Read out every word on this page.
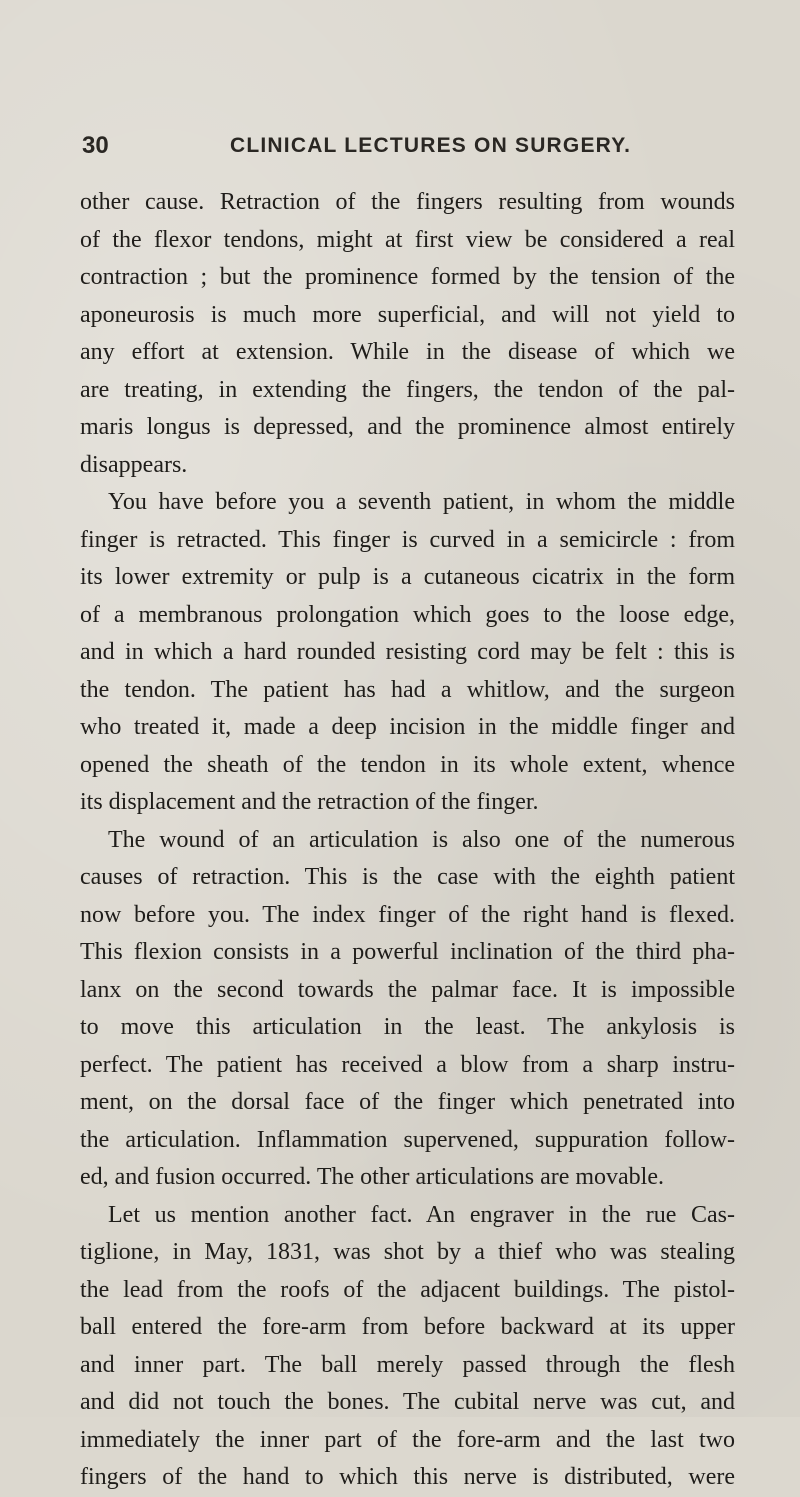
30	CLINICAL LECTURES ON SURGERY.
other cause. Retraction of the fingers resulting from wounds
of the flexor tendons, might at first view be considered a real
contraction ; but the prominence formed by the tension of the
aponeurosis is much more superficial, and will not yield to
any effort at extension. While in the disease of which we
are treating, in extending the fingers, the tendon of the pal-
maris longus is depressed, and the prominence almost entirely
disappears.
You have before you a seventh patient, in whom the middle
finger is retracted. This finger is curved in a semicircle : from
its lower extremity or pulp is a cutaneous cicatrix in the form
of a membranous prolongation which goes to the loose edge,
and in which a hard rounded resisting cord may be felt : this is
the tendon. The patient has had a whitlow, and the surgeon
who treated it, made a deep incision in the middle finger and
opened the sheath of the tendon in its whole extent, whence
its displacement and the retraction of the finger.
The wound of an articulation is also one of the numerous
causes of retraction. This is the case with the eighth patient
now before you. The index finger of the right hand is flexed.
This flexion consists in a powerful inclination of the third pha-
lanx on the second towards the palmar face. It is impossible
to move this articulation in the least. The ankylosis is
perfect. The patient has received a blow from a sharp instru-
ment, on the dorsal face of the finger which penetrated into
the articulation. Inflammation supervened, suppuration follow-
ed, and fusion occurred. The other articulations are movable.
Let us mention another fact. An engraver in the rue Cas-
tiglione, in May, 1831, was shot by a thief who was stealing
the lead from the roofs of the adjacent buildings. The pistol-
ball entered the fore-arm from before backward at its upper
and inner part. The ball merely passed through the flesh
and did not touch the bones. The cubital nerve was cut, and
immediately the inner part of the fore-arm and the last two
fingers of the hand to which this nerve is distributed, were
